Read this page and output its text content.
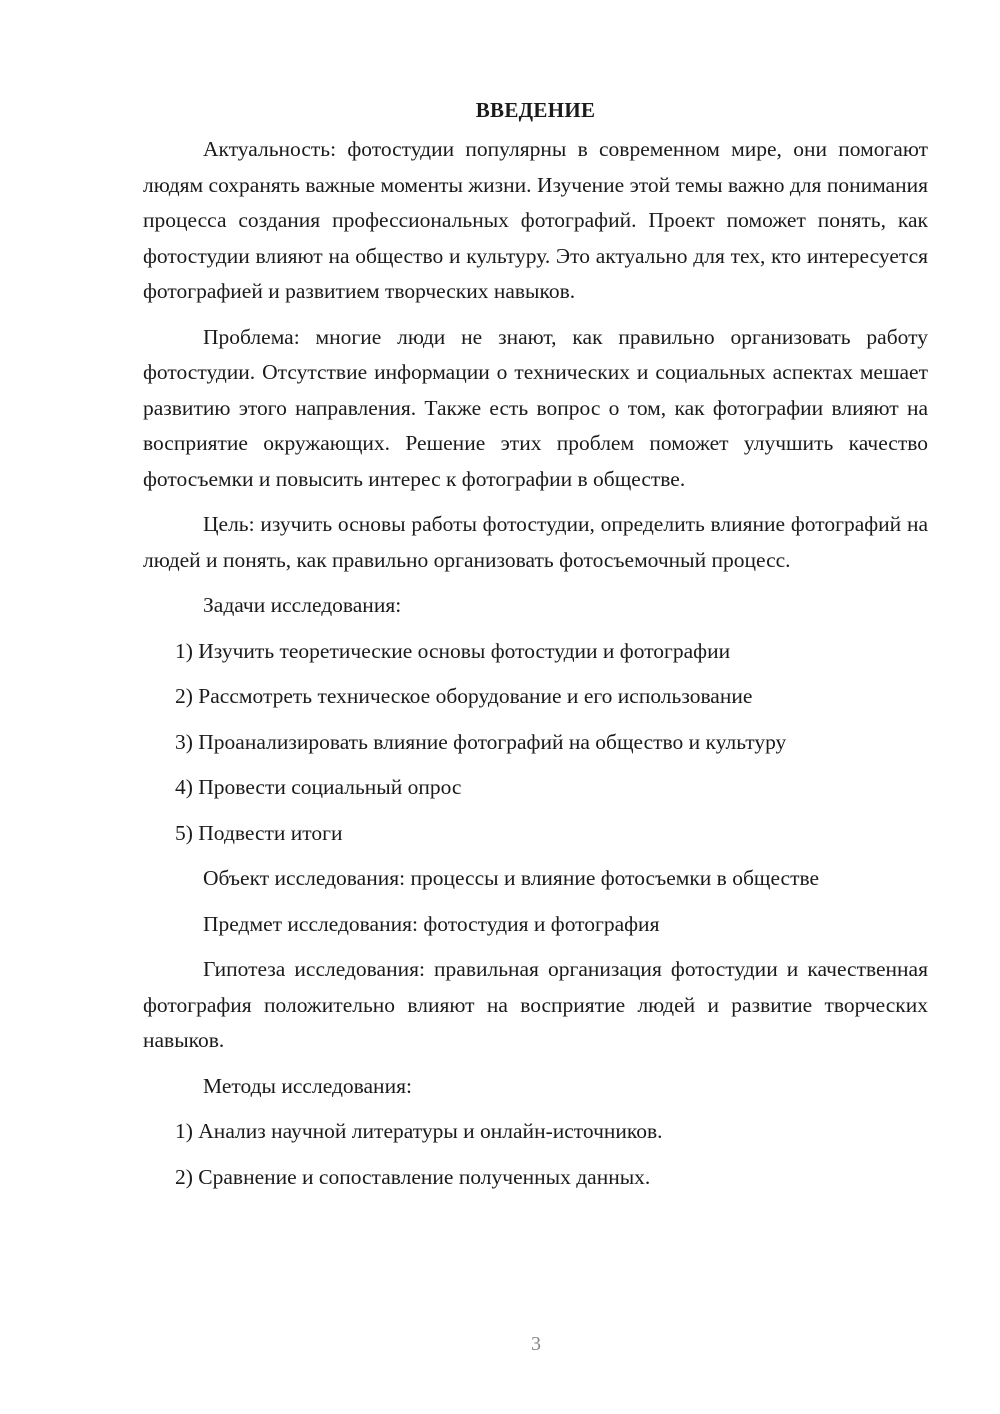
ВВЕДЕНИЕ

Актуальность: фотостудии популярны в современном мире, они помогают людям сохранять важные моменты жизни. Изучение этой темы важно для понимания процесса создания профессиональных фотографий. Проект поможет понять, как фотостудии влияют на общество и культуру. Это актуально для тех, кто интересуется фотографией и развитием творческих навыков.

Проблема: многие люди не знают, как правильно организовать работу фотостудии. Отсутствие информации о технических и социальных аспектах мешает развитию этого направления. Также есть вопрос о том, как фотографии влияют на восприятие окружающих. Решение этих проблем поможет улучшить качество фотосъемки и повысить интерес к фотографии в обществе.

Цель: изучить основы работы фотостудии, определить влияние фотографий на людей и понять, как правильно организовать фотосъемочный процесс.

Задачи исследования:

1) Изучить теоретические основы фотостудии и фотографии
2) Рассмотреть техническое оборудование и его использование
3) Проанализировать влияние фотографий на общество и культуру
4) Провести социальный опрос
5) Подвести итоги

Объект исследования: процессы и влияние фотосъемки в обществе

Предмет исследования: фотостудия и фотография

Гипотеза исследования: правильная организация фотостудии и качественная фотография положительно влияют на восприятие людей и развитие творческих навыков.

Методы исследования:

1) Анализ научной литературы и онлайн-источников.
2) Сравнение и сопоставление полученных данных.
3
